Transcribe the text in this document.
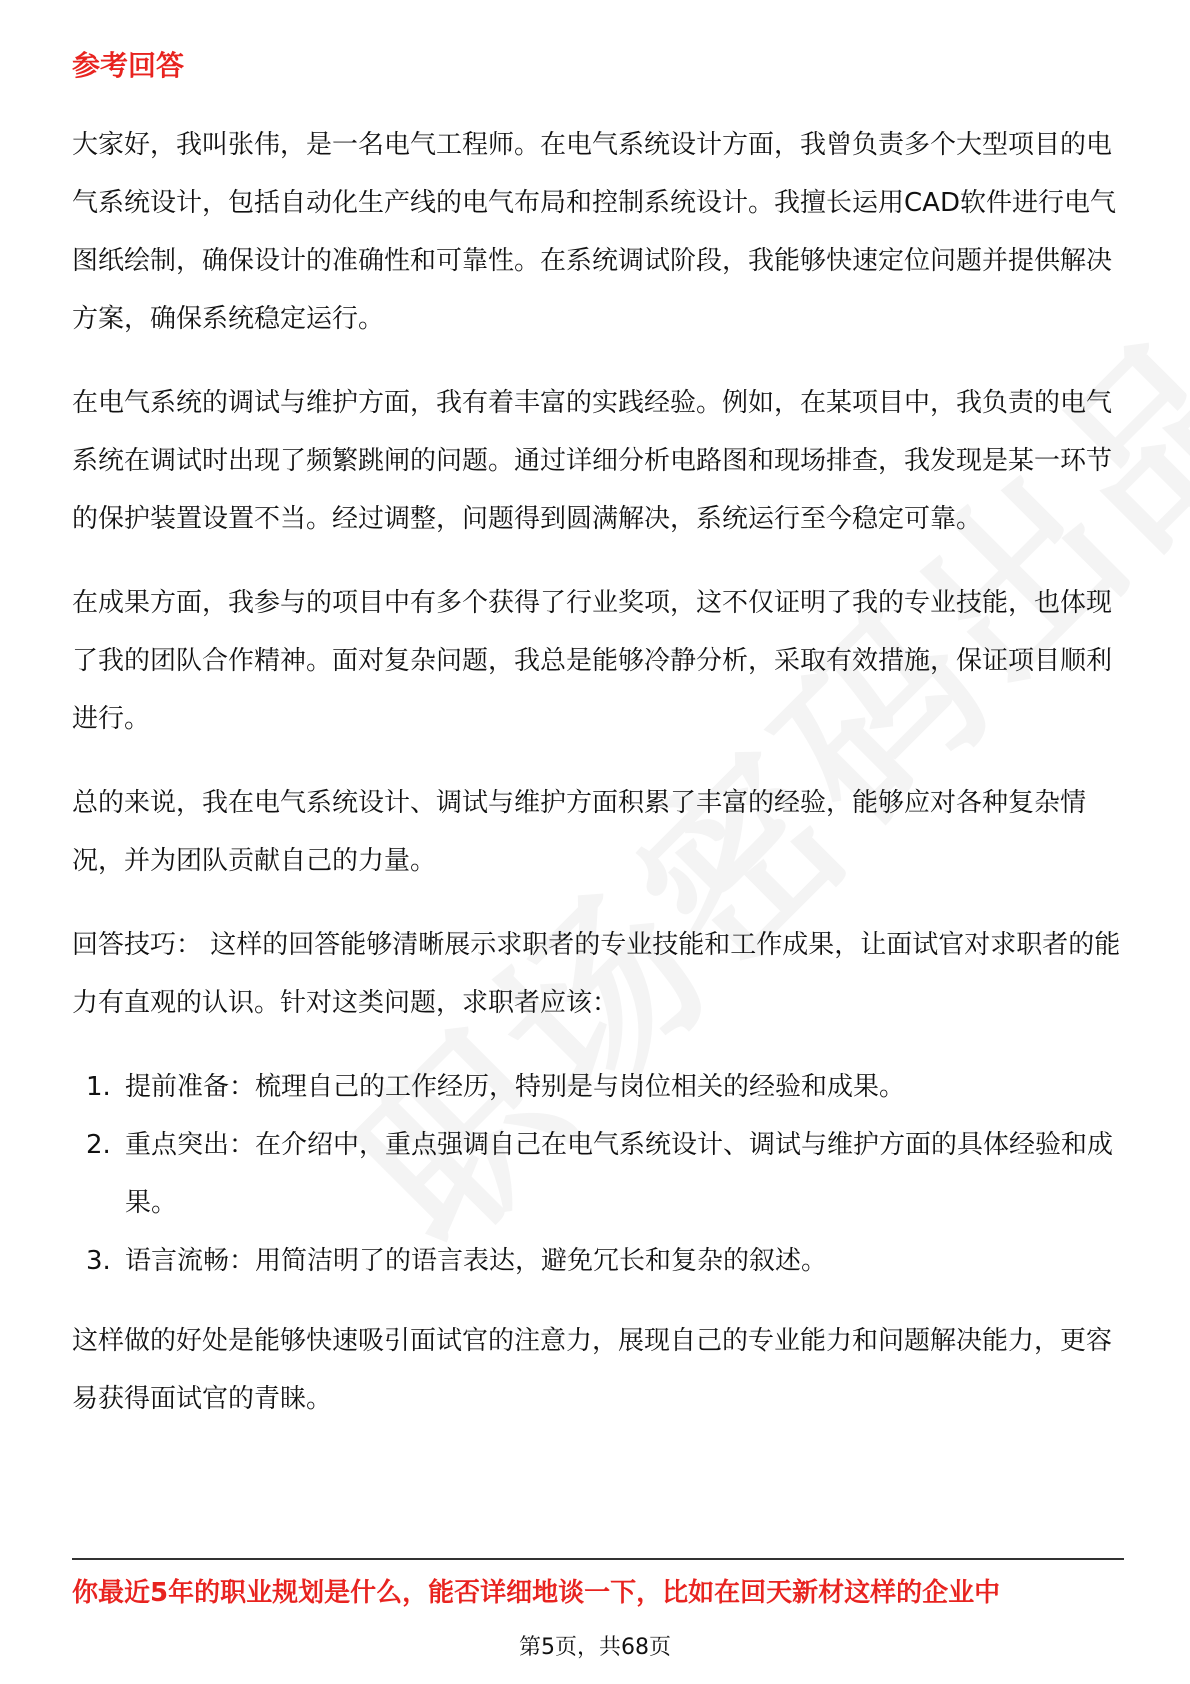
参考回答

大家好，我叫张伟，是一名电气工程师。在电气系统设计方面，我曾负责多个大型项目的电气系统设计，包括自动化生产线的电气布局和控制系统设计。我擅长运用CAD软件进行电气图纸绘制，确保设计的准确性和可靠性。在系统调试阶段，我能够快速定位问题并提供解决方案，确保系统稳定运行。

在电气系统的调试与维护方面，我有着丰富的实践经验。例如，在某项目中，我负责的电气系统在调试时出现了频繁跳闸的问题。通过详细分析电路图和现场排查，我发现是某一环节的保护装置设置不当。经过调整，问题得到圆满解决，系统运行至今稳定可靠。

在成果方面，我参与的项目中有多个获得了行业奖项，这不仅证明了我的专业技能，也体现了我的团队合作精神。面对复杂问题，我总是能够冷静分析，采取有效措施，保证项目顺利进行。

总的来说，我在电气系统设计、调试与维护方面积累了丰富的经验，能够应对各种复杂情况，并为团队贡献自己的力量。

回答技巧： 这样的回答能够清晰展示求职者的专业技能和工作成果，让面试官对求职者的能力有直观的认识。针对这类问题，求职者应该：

1. 提前准备：梳理自己的工作经历，特别是与岗位相关的经验和成果。
2. 重点突出：在介绍中，重点强调自己在电气系统设计、调试与维护方面的具体经验和成果。
3. 语言流畅：用简洁明了的语言表达，避免冗长和复杂的叙述。

这样做的好处是能够快速吸引面试官的注意力，展现自己的专业能力和问题解决能力，更容易获得面试官的青睐。

你最近5年的职业规划是什么，能否详细地谈一下，比如在回天新材这样的企业中
第5页，共68页
